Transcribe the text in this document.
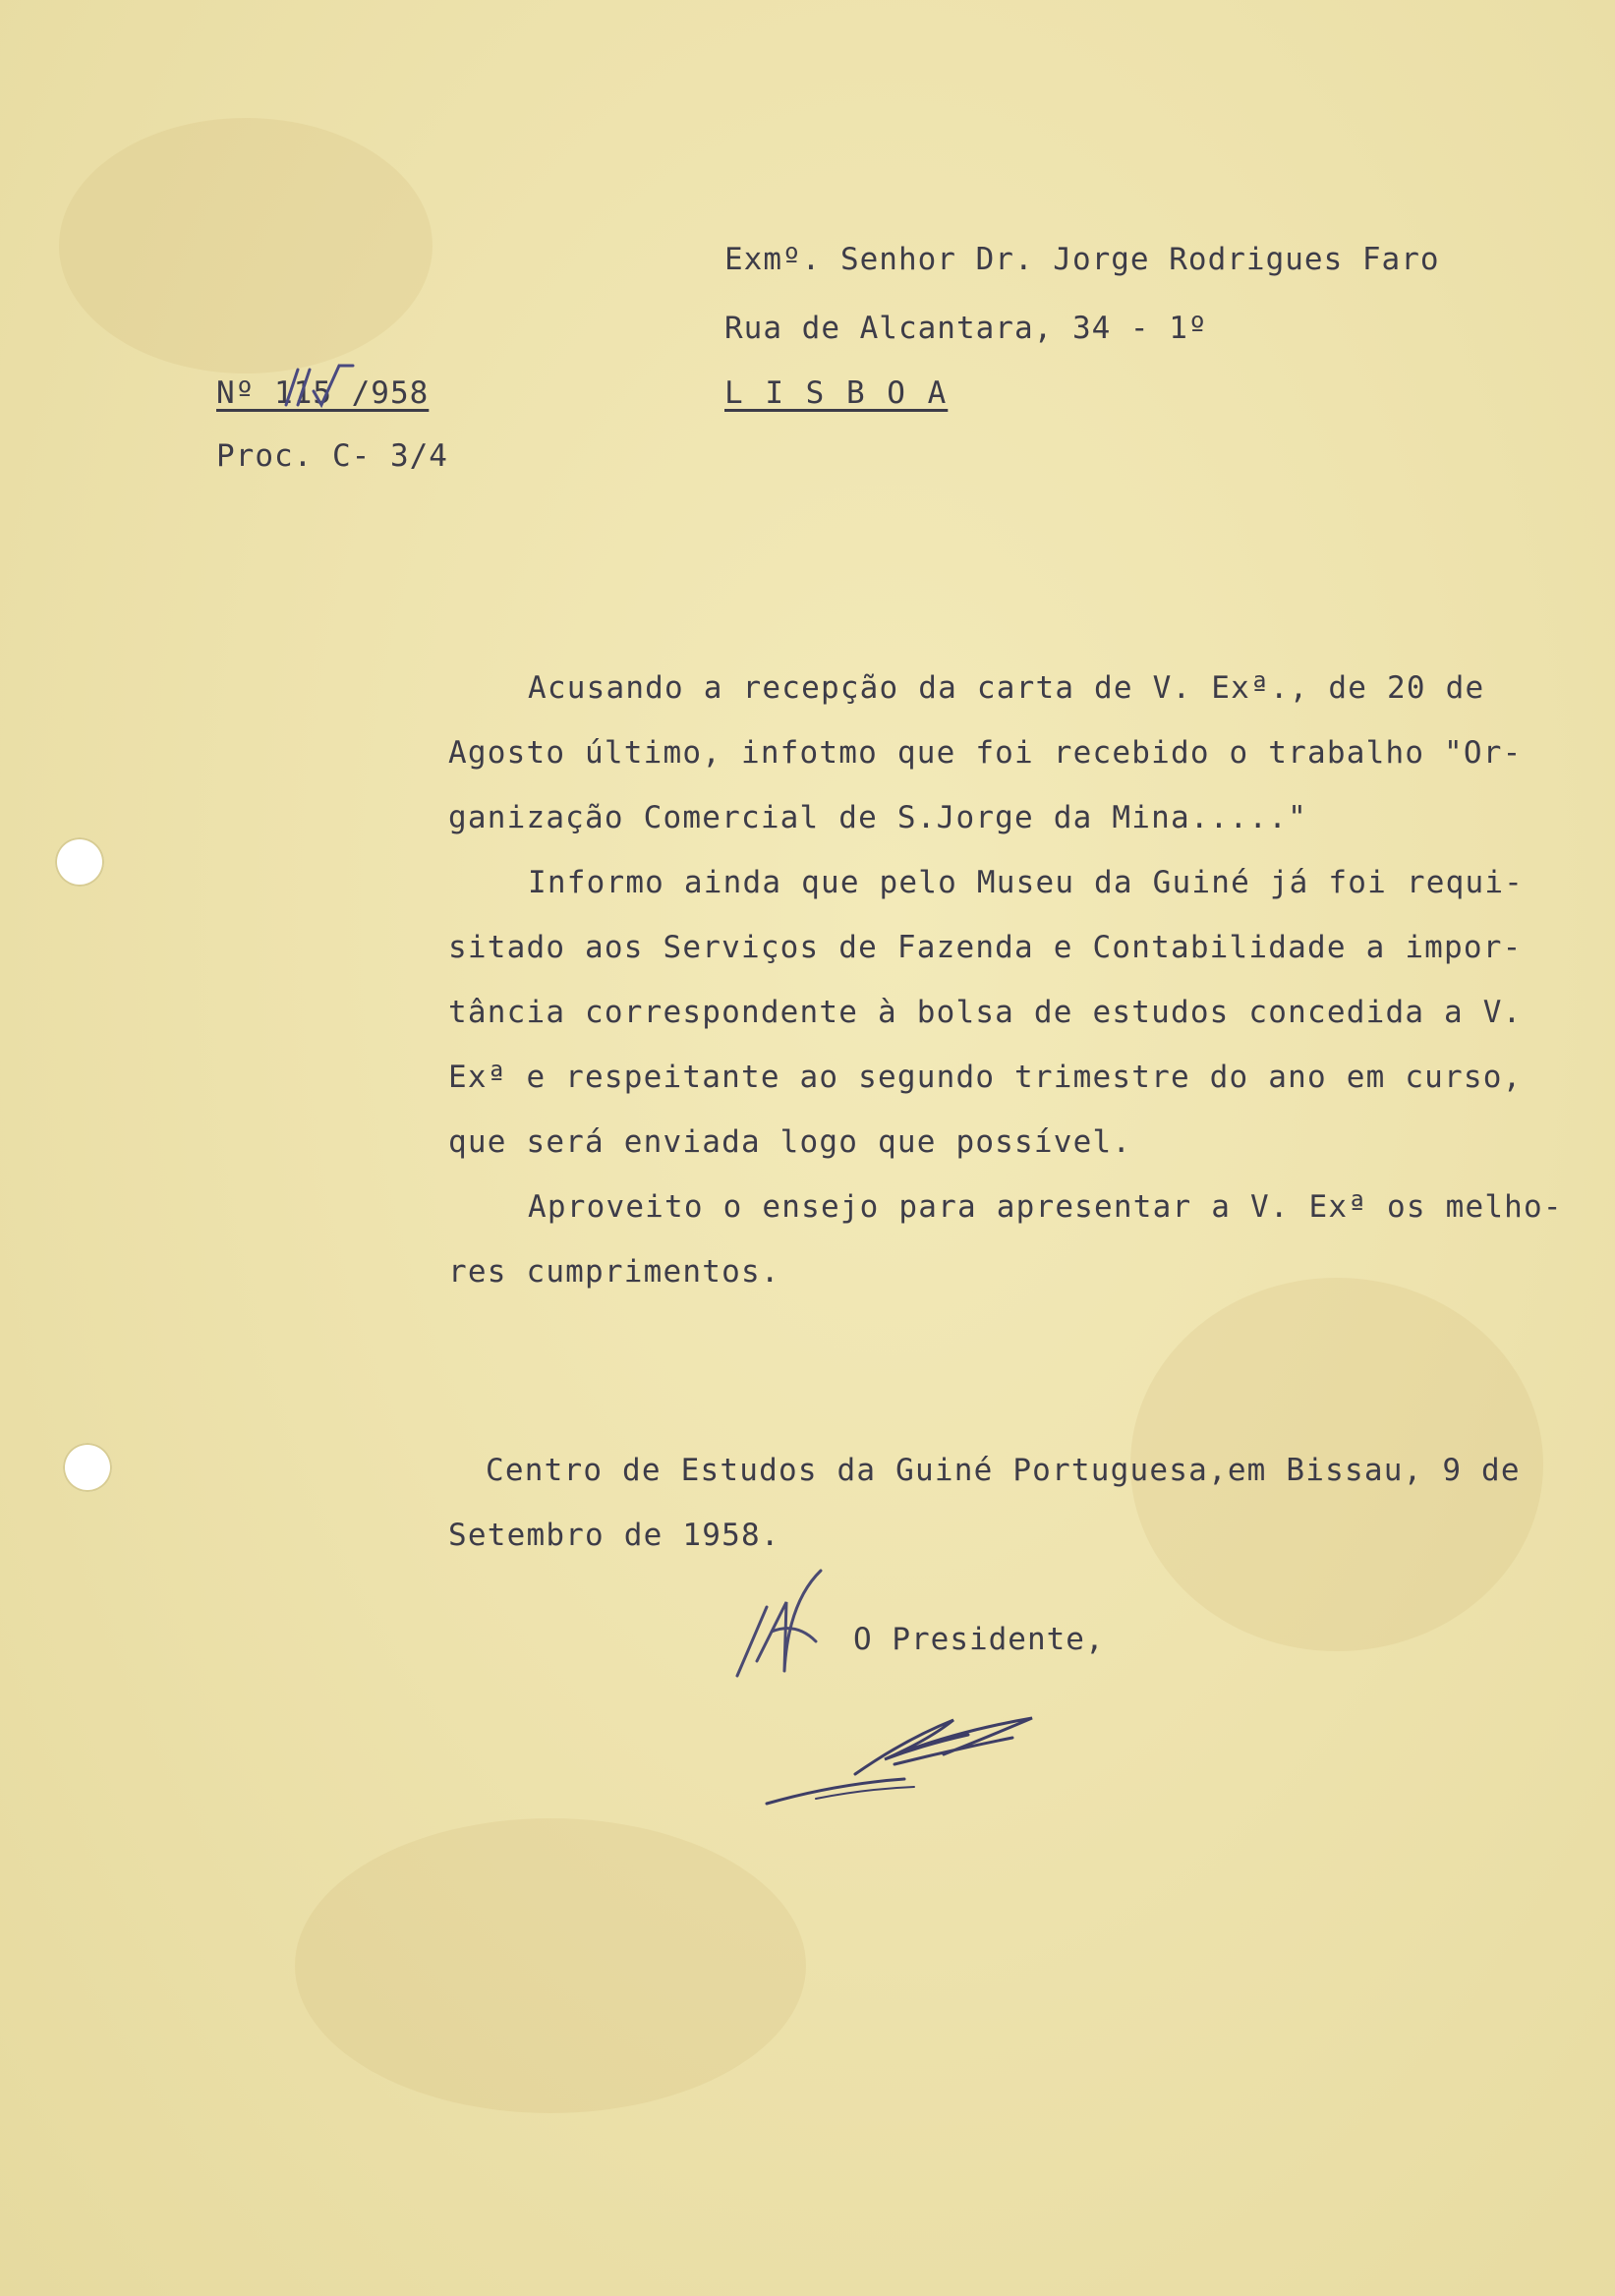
Exmº. Senhor Dr. Jorge Rodrigues Faro
Rua de Alcantara, 34 - 1º
L I S B O A
Nº 115 /958
Proc. C- 3/4
Acusando a recepção da carta de V. Exª., de 20 de
Agosto último, infotmo que foi recebido o trabalho "Or-
ganização Comercial de S.Jorge da Mina....."
Informo ainda que pelo Museu da Guiné já foi requi-
sitado aos Serviços de Fazenda e Contabilidade a impor-
tância correspondente à bolsa de estudos concedida a V.
Exª e respeitante ao segundo trimestre do ano em curso,
que será enviada logo que possível.
Aproveito o ensejo para apresentar a V. Exª os melho-
res cumprimentos.
Centro de Estudos da Guiné Portuguesa,em Bissau, 9 de
Setembro de 1958.
O Presidente,
